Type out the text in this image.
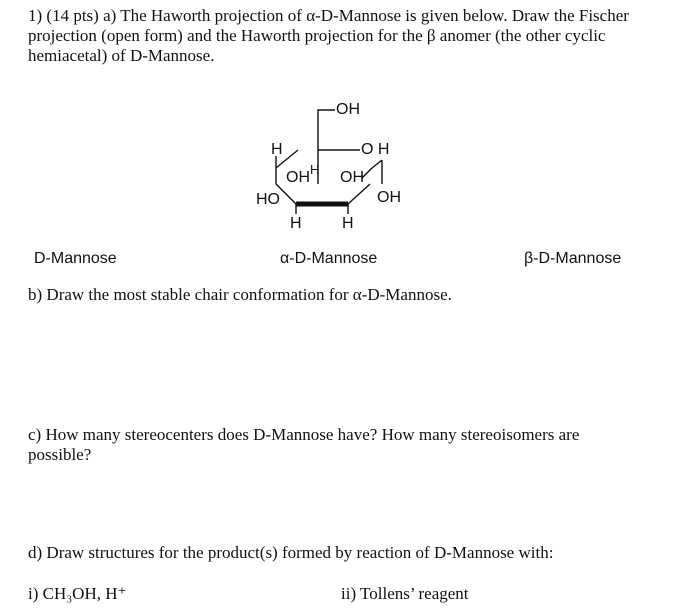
1) (14 pts) a) The Haworth projection of α-D-Mannose is given below. Draw the Fischer
projection (open form) and the Haworth projection for the β anomer (the other cyclic
hemiacetal) of D-Mannose.
OH
H	O H
OH H OH
HO	OH
H	H
D-Mannose	α-D-Mannose	β-D-Mannose
b) Draw the most stable chair conformation for α-D-Mannose.
c) How many stereocenters does D-Mannose have? How many stereoisomers are
possible?
d) Draw structures for the product(s) formed by reaction of D-Mannose with:
i) CH₃OH, H⁺	ii) Tollens’ reagent
